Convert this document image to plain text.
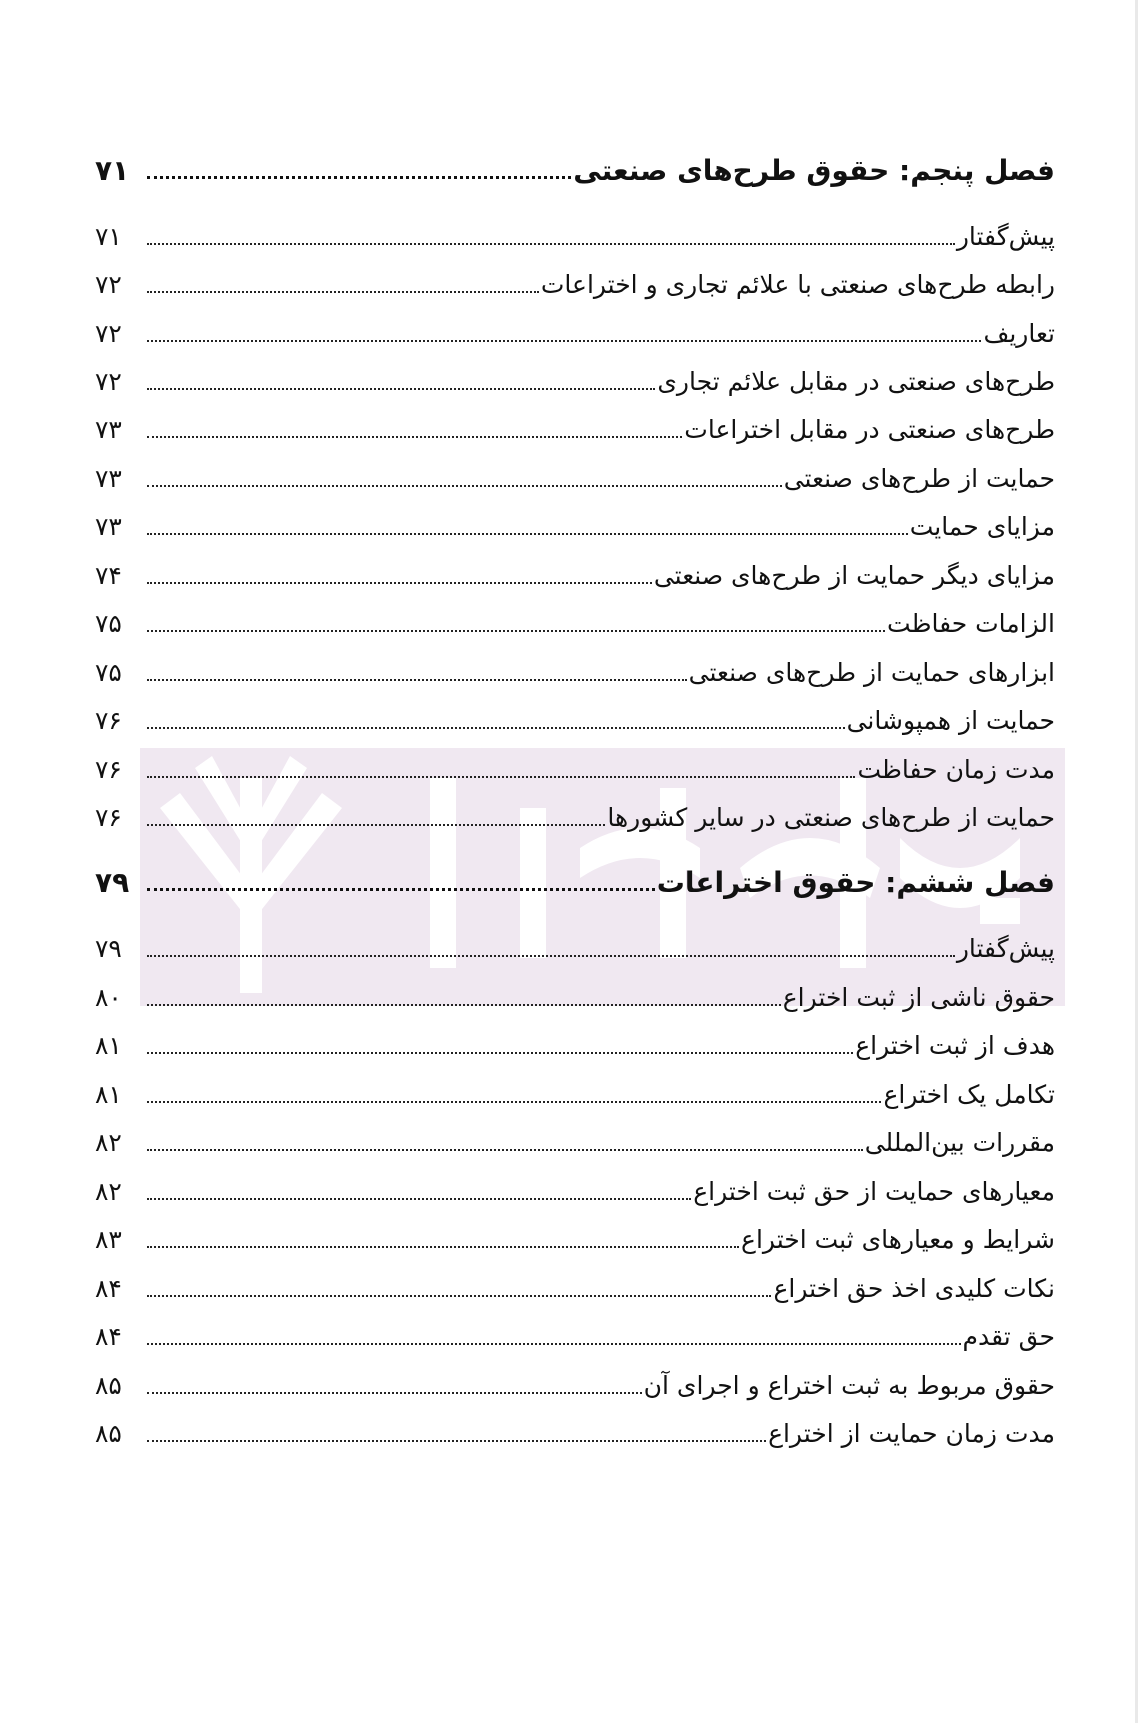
۷۱	فصل پنجم: حقوق طرح‌های صنعتی
۷۱	پیش‌گفتار
۷۲	رابطه طرح‌های صنعتی با علائم تجاری و اختراعات
۷۲	تعاریف
۷۲	طرح‌های صنعتی در مقابل علائم تجاری
۷۳	طرح‌های صنعتی در مقابل اختراعات
۷۳	حمایت از طرح‌های صنعتی
۷۳	مزایای حمایت
۷۴	مزایای دیگر حمایت از طرح‌های صنعتی
۷۵	الزامات حفاظت
۷۵	ابزارهای حمایت از طرح‌های صنعتی
۷۶	حمایت از همپوشانی
۷۶	مدت زمان حفاظت
۷۶	حمایت از طرح‌های صنعتی در سایر کشورها
۷۹	فصل ششم: حقوق اختراعات
۷۹	پیش‌گفتار
۸۰	حقوق ناشی از ثبت اختراع
۸۱	هدف از ثبت اختراع
۸۱	تکامل یک اختراع
۸۲	مقررات بین‌المللی
۸۲	معیارهای حمایت از حق ثبت اختراع
۸۳	شرایط و معیارهای ثبت اختراع
۸۴	نکات کلیدی اخذ حق اختراع
۸۴	حق تقدم
۸۵	حقوق مربوط به ثبت اختراع و اجرای آن
۸۵	مدت زمان حمایت از اختراع
